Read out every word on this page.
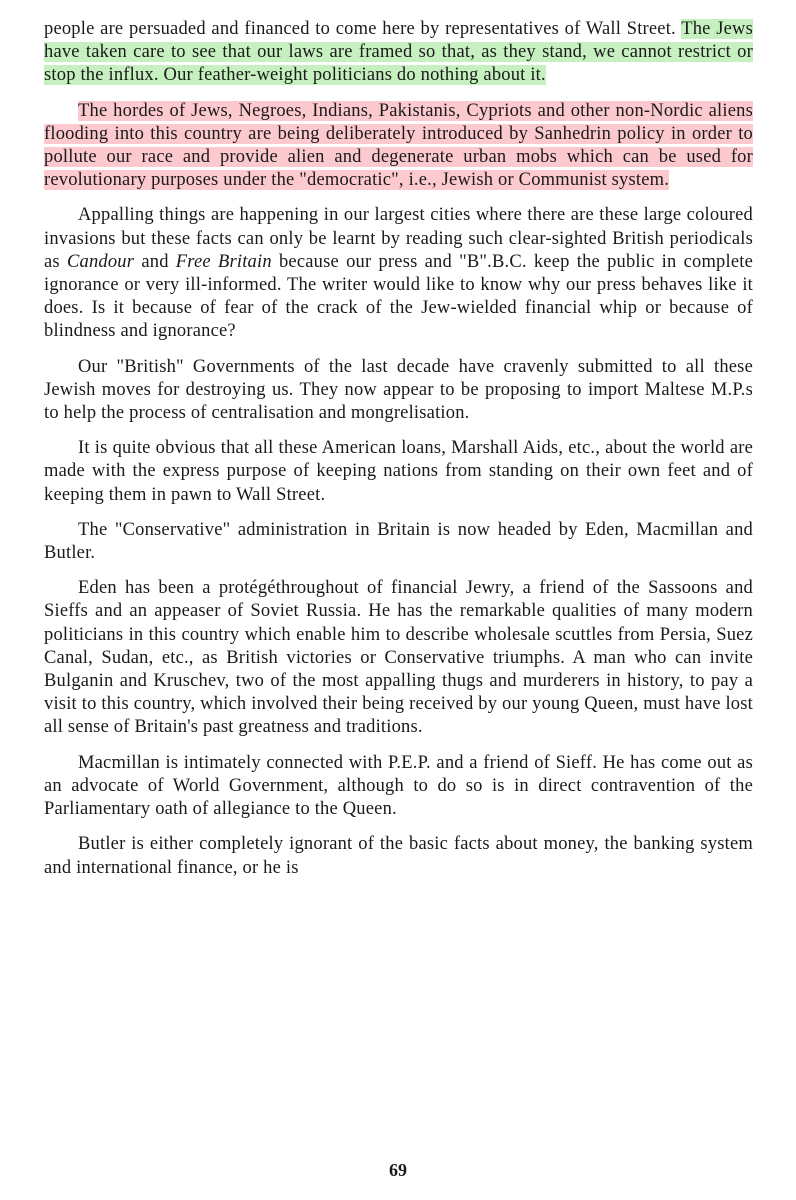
people are persuaded and financed to come here by representatives of Wall Street. The Jews have taken care to see that our laws are framed so that, as they stand, we cannot restrict or stop the influx. Our feather-weight politicians do nothing about it.

The hordes of Jews, Negroes, Indians, Pakistanis, Cypriots and other non-Nordic aliens flooding into this country are being deliberately introduced by Sanhedrin policy in order to pollute our race and provide alien and degenerate urban mobs which can be used for revolutionary purposes under the "democratic", i.e., Jewish or Communist system.

Appalling things are happening in our largest cities where there are these large coloured invasions but these facts can only be learnt by reading such clear-sighted British periodicals as Candour and Free Britain because our press and "B".B.C. keep the public in complete ignorance or very ill-informed. The writer would like to know why our press behaves like it does. Is it because of fear of the crack of the Jew-wielded financial whip or because of blindness and ignorance?

Our "British" Governments of the last decade have cravenly submitted to all these Jewish moves for destroying us. They now appear to be proposing to import Maltese M.P.s to help the process of centralisation and mongrelisation.

It is quite obvious that all these American loans, Marshall Aids, etc., about the world are made with the express purpose of keeping nations from standing on their own feet and of keeping them in pawn to Wall Street.

The "Conservative" administration in Britain is now headed by Eden, Macmillan and Butler.

Eden has been a protégéthroughout of financial Jewry, a friend of the Sassoons and Sieffs and an appeaser of Soviet Russia. He has the remarkable qualities of many modern politicians in this country which enable him to describe wholesale scuttles from Persia, Suez Canal, Sudan, etc., as British victories or Conservative triumphs. A man who can invite Bulganin and Kruschev, two of the most appalling thugs and murderers in history, to pay a visit to this country, which involved their being received by our young Queen, must have lost all sense of Britain's past greatness and traditions.

Macmillan is intimately connected with P.E.P. and a friend of Sieff. He has come out as an advocate of World Government, although to do so is in direct contravention of the Parliamentary oath of allegiance to the Queen.

Butler is either completely ignorant of the basic facts about money, the banking system and international finance, or he is

69
